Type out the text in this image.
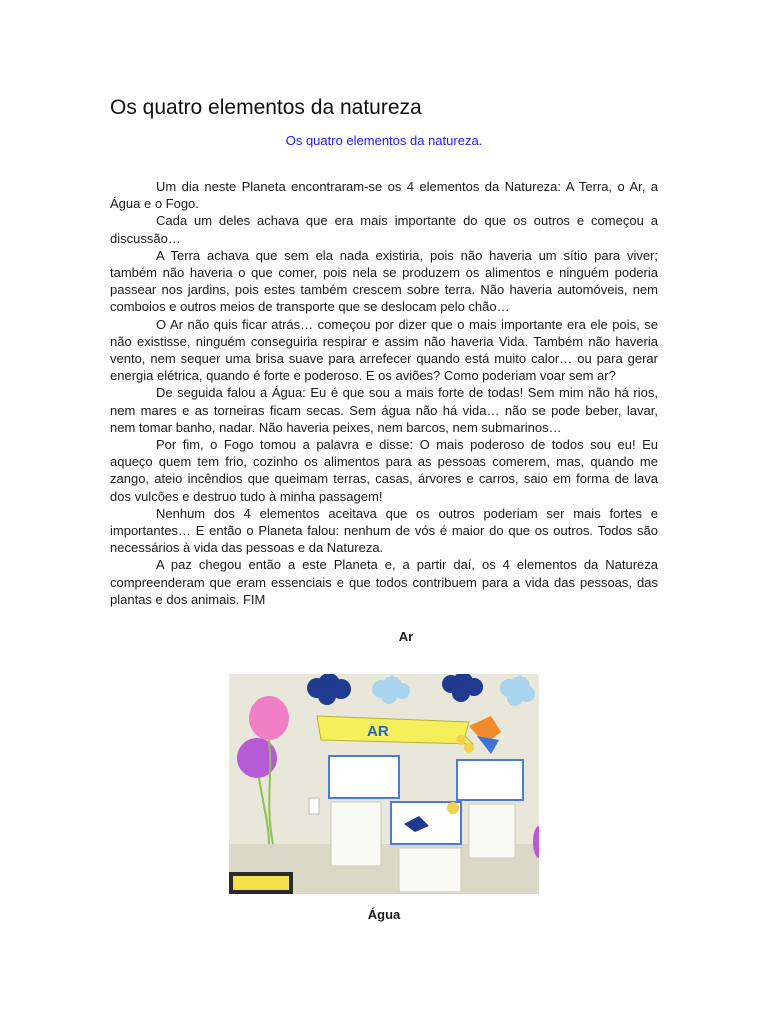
Os quatro elementos da natureza
Os quatro elementos da natureza.

Um dia neste Planeta encontraram-se os 4 elementos da Natureza: A Terra, o Ar, a Água e o Fogo.

Cada um deles achava que era mais importante do que os outros e começou a discussão…

A Terra achava que sem ela nada existiria, pois não haveria um sítio para viver; também não haveria o que comer, pois nela se produzem os alimentos e ninguém poderia passear nos jardins, pois estes também crescem sobre terra. Não haveria automóveis, nem comboios e outros meios de transporte que se deslocam pelo chão…

O Ar não quis ficar atrás… começou por dizer que o mais importante era ele pois, se não existisse, ninguém conseguiria respirar e assim não haveria Vida. Também não haveria vento, nem sequer uma brisa suave para arrefecer quando está muito calor… ou para gerar energia elétrica, quando é forte e poderoso. E os aviões? Como poderiam voar sem ar?

De seguida falou a Água: Eu é que sou a mais forte de todas! Sem mim não há rios, nem mares e as torneiras ficam secas. Sem água não há vida… não se pode beber, lavar, nem tomar banho, nadar. Não haveria peixes, nem barcos, nem submarinos…

Por fim, o Fogo tomou a palavra e disse: O mais poderoso de todos sou eu! Eu aqueço quem tem frio, cozinho os alimentos para as pessoas comerem, mas, quando me zango, ateio incêndios que queimam terras, casas, árvores e carros, saio em forma de lava dos vulcões e destruo tudo à minha passagem!

Nenhum dos 4 elementos aceitava que os outros poderiam ser mais fortes e importantes… E então o Planeta falou: nenhum de vós é maior do que os outros. Todos são necessários à vida das pessoas e da Natureza.

A paz chegou então a este Planeta e, a partir daí, os 4 elementos da Natureza compreenderam que eram essenciais e que todos contribuem para a vida das pessoas, das plantas e dos animais. FIM

Ar
AR
Água
